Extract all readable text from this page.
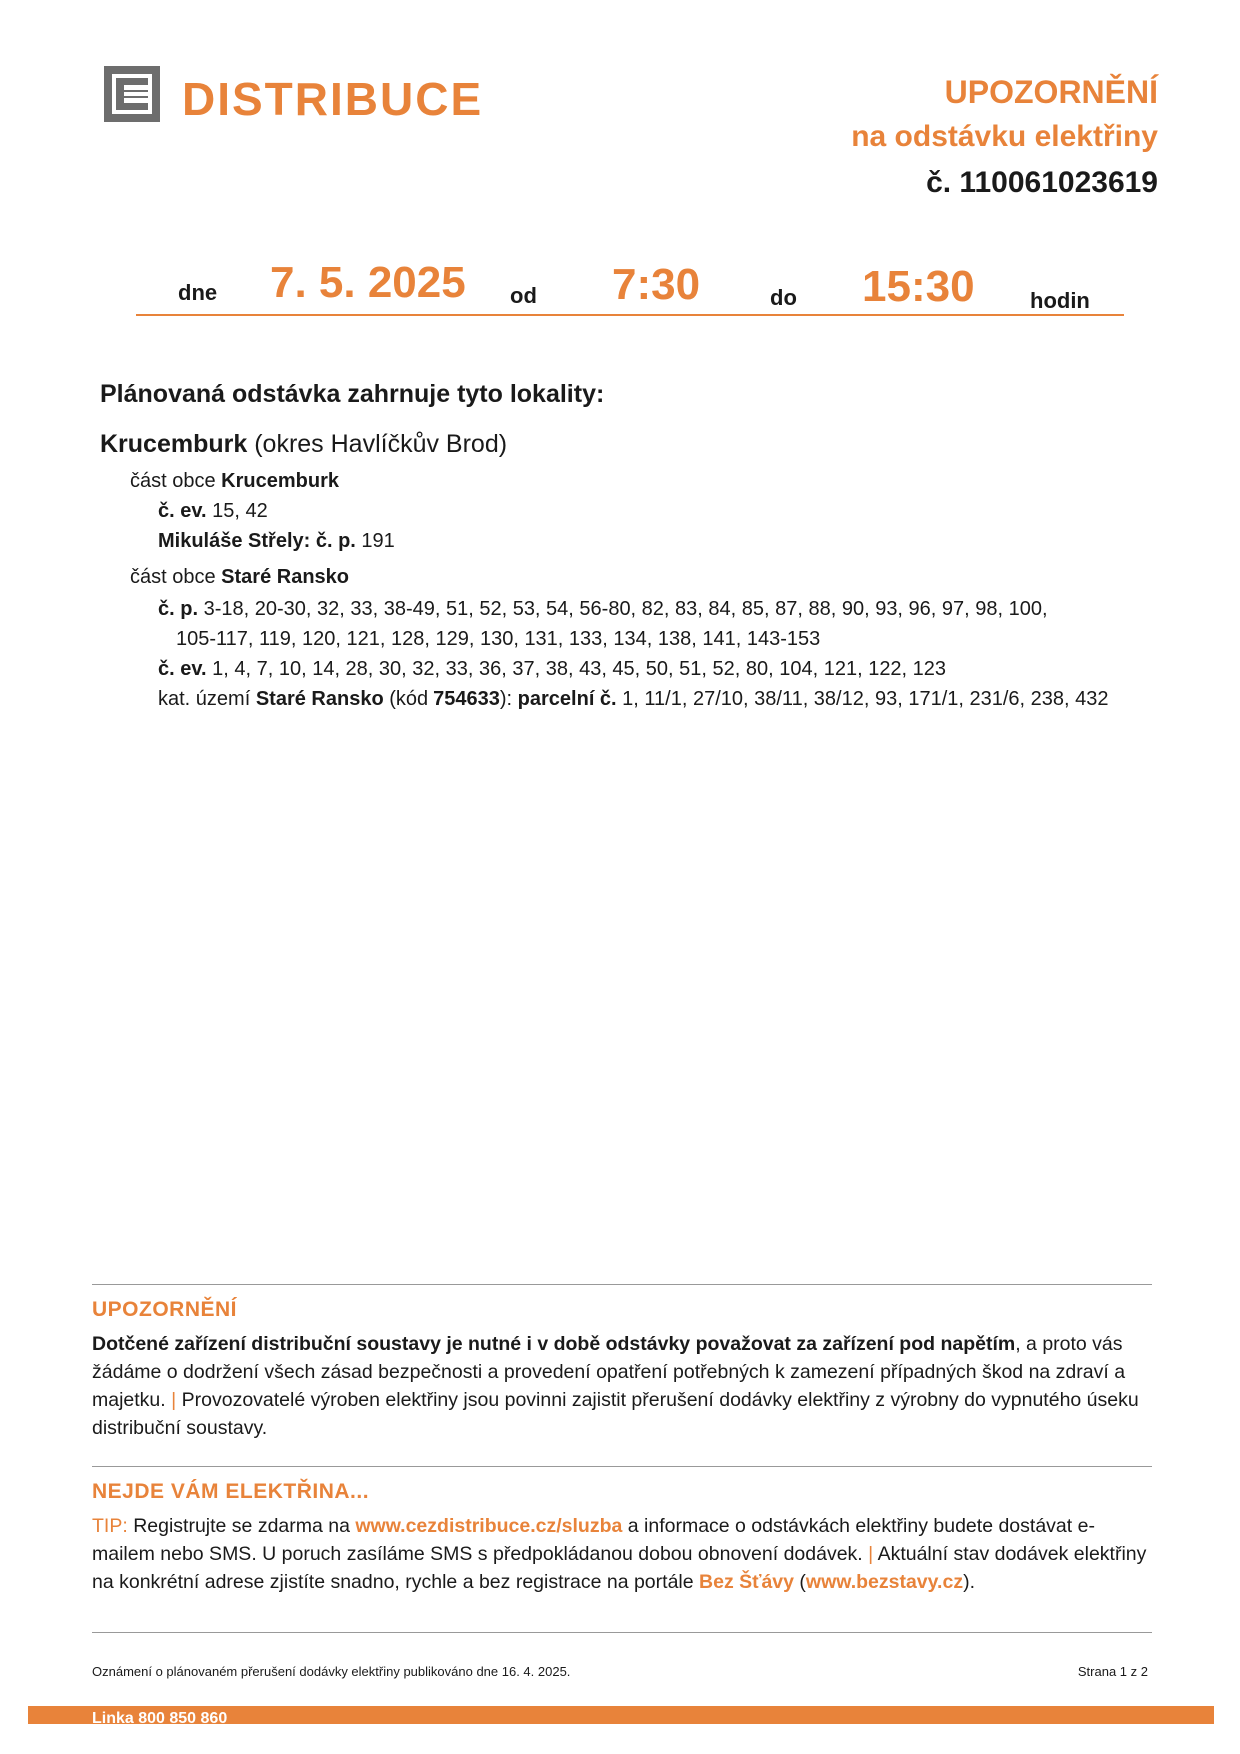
DISTRIBUCE	UPOZORNĚNÍ
na odstávku elektřiny
č. 110061023619
dne 7. 5. 2025 od 7:30	do 15:30	hodin
Plánovaná odstávka zahrnuje tyto lokality:
Krucemburk (okres Havlíčkův Brod)
část obce Krucemburk
č. ev. 15, 42
Mikuláše Střely: č. p. 191
část obce Staré Ransko
č. p. 3-18, 20-30, 32, 33, 38-49, 51, 52, 53, 54, 56-80, 82, 83, 84, 85, 87, 88, 90, 93, 96, 97, 98, 100,
105-117, 119, 120, 121, 128, 129, 130, 131, 133, 134, 138, 141, 143-153
č. ev. 1, 4, 7, 10, 14, 28, 30, 32, 33, 36, 37, 38, 43, 45, 50, 51, 52, 80, 104, 121, 122, 123
kat. území Staré Ransko (kód 754633): parcelní č. 1, 11/1, 27/10, 38/11, 38/12, 93, 171/1, 231/6, 238, 432
UPOZORNĚNÍ
Dotčené zařízení distribuční soustavy je nutné i v době odstávky považovat za zařízení pod napětím, a proto vás žádáme o dodržení všech zásad bezpečnosti a provedení opatření potřebných k zamezení případných škod na zdraví a majetku. | Provozovatelé výroben elektřiny jsou povinni zajistit přerušení dodávky elektřiny z výrobny do vypnutého úseku distribuční soustavy.
NEJDE VÁM ELEKTŘINA...
TIP: Registrujte se zdarma na www.cezdistribuce.cz/sluzba a informace o odstávkách elektřiny budete dostávat e-mailem nebo SMS. U poruch zasíláme SMS s předpokládanou dobou obnovení dodávek. | Aktuální stav dodávek elektřiny na konkrétní adrese zjistíte snadno, rychle a bez registrace na portále Bez Šťávy (www.bezstavy.cz).
Oznámení o plánovaném přerušení dodávky elektřiny publikováno dne 16. 4. 2025.	Strana 1 z 2
Linka 800 850 860
